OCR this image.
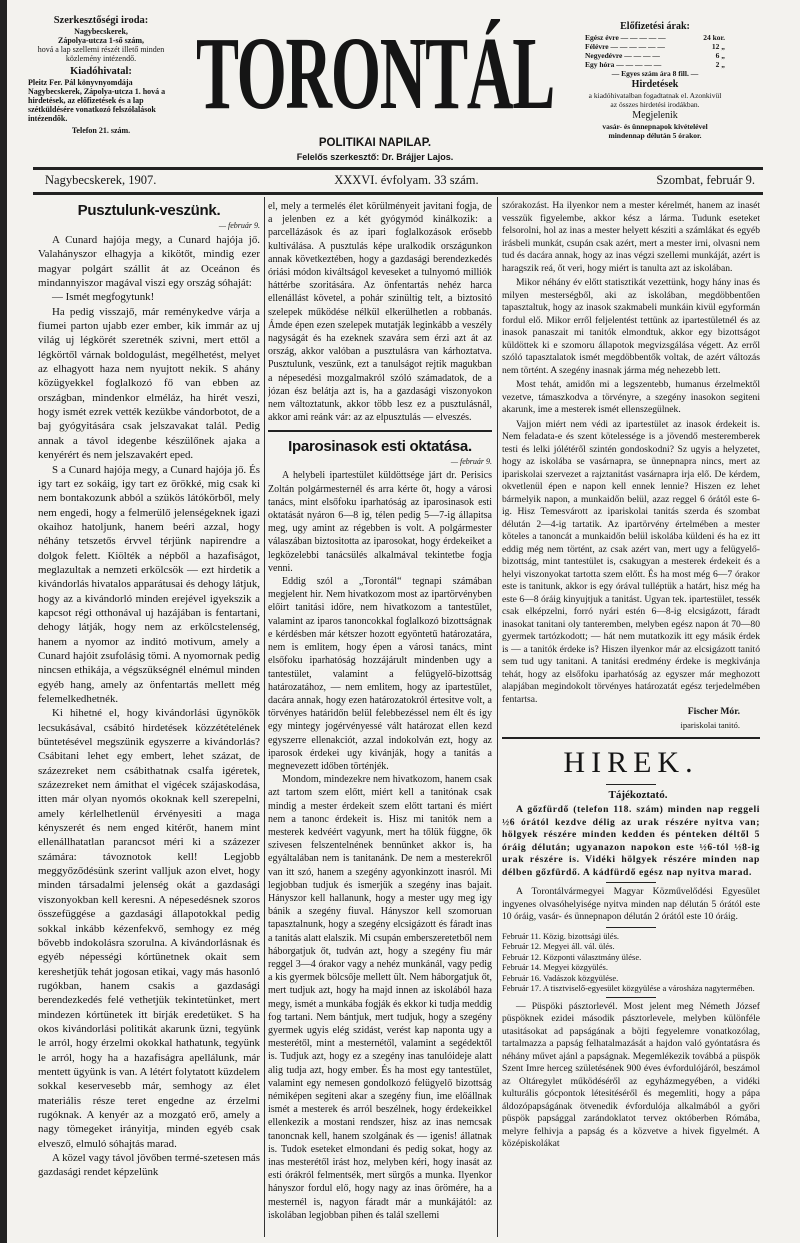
Szerkesztőségi iroda:
Nagybecskerek,
Zápolya-utcza 1-ső szám,
hová a lap szellemi részét illető minden közlemény intézendő.
Kiadóhivatal:
Pleitz Fer. Pál könyvnyomdája Nagybecskerek, Zápolya-utcza 1. hová a hirdetések, az előfizetések és a lap szétküldésére vonatkozó felszólalások intézendők.
Telefon 21. szám. TORONTÁL
POLITIKAI NAPILAP.
Felelős szerkesztő: Dr. Brájjer Lajos.
Előfizetési árak:
Egész évre — — — — —	24 kor.
Félévre — — — — — —	12 „
Negyedévre — — — —	6 „
Egy hóra — — — — —	2 „
— Egyes szám ára 8 fill. —
Hirdetések
a kiadóhivatalban fogadtatnak el. Azonkivül az összes hirdetési irodákban.
Megjelenik
vasár- és ünnepnapok kivételével mindennap délután 5 órakor.
Nagybecskerek, 1907.	XXXVI. évfolyam. 33 szám.	Szombat, február 9.
Pusztulunk-veszünk.

— február 9.

A Cunard hajója megy, a Cunard hajója jő. Valahányszor elhagyja a kikötőt, mindig ezer magyar polgárt szállit át az Oceánon és mindannyiszor magával viszi egy ország sóhaját:

— Ismét megfogytunk!

Ha pedig visszajő, már reménykedve várja a fiumei parton ujabb ezer ember, kik immár az uj világ uj légkörét szeretnék szivni, mert ettől a légkörtől várnak boldogulást, megélhetést, melyet az elhagyott haza nem nyujtott nekik. S ahány közügyekkel foglalkozó fő van ebben az országban, mindenkor elméláz, ha hirét veszi, hogy ismét ezrek vették kezükbe vándorbotot, de a baj gyógyitására csak jelszavakat talál. Pedig annak a távol idegenbe készülőnek ajaka a kenyérért és nem jelszavakért eped.

S a Cunard hajója megy, a Cunard hajója jő. És igy tart ez sokáig, igy tart ez örökké, mig csak ki nem bontakozunk abból a szükös látókörből, mely nem engedi, hogy a felmerülő jelenségeknek igazi okaihoz hatoljunk, hanem beéri azzal, hogy néhány tetszetős érvvel térjünk napirendre a dolgok felett. Kiölték a népből a hazafiságot, meglazultak a nemzeti erkölcsök — ezt hirdetik a kivándorlás hivatalos apparátusai és dehogy látjuk, hogy az a kivándorló minden erejével igyekszik a kapcsot régi otthonával uj hazájában is fentartani, dehogy látják, hogy nem az erkölcstelenség, hanem a nyomor az inditó motivum, amely a Cunard hajóit zsufolásig tömi. A nyomornak pedig nincsen ethikája, a végszükségnél elnémul minden egyéb hang, amely az önfentartás mellett még felemelkedhetnék.

Ki hihetné el, hogy kivándorlási ügynökök lecsukásával, csábitó hirdetések közzétételének büntetésével megszünik egyszerre a kivándorlás? Csábitani lehet egy embert, lehet százat, de százezreket nem csábithatnak csalfa igéretek, százezreket nem ámithat el vigécek szájaskodása, itten már olyan nyomós okoknak kell szerepelni, amely kérlelhetlenül érvényesiti a maga kényszerét és nem enged kitérőt, hanem mint ellenállhatatlan parancsot méri ki a százezer számára: távoznotok kell! Legjobb meggyőződésünk szerint valljuk azon elvet, hogy minden társadalmi jelenség okát a gazdasági viszonyokban kell keresni. A népesedésnek szoros összefüggése a gazdasági állapotokkal pedig sokkal inkább kézenfekvő, semhogy ez még bővebb indokolásra szorulna. A kivándorlásnak és egyéb népességi kórtünetnek okait sem kereshetjük tehát jogosan etikai, vagy más hasonló rugókban, hanem csakis a gazdasági berendezkedés felé vethetjük tekintetünket, mert mindezen kórtünetek itt birják eredetüket. S ha okos kivándorlási politikát akarunk üzni, tegyünk le arról, hogy érzelmi okokkal hathatunk, tegyünk le arról, hogy ha a hazafiságra apellálunk, már mentett ügyünk is van. A létért folytatott küzdelem sokkal keservesebb már, semhogy az élet materiális része teret engedne az érzelmi rugóknak. A kenyér az a mozgató erő, amely a nagy tömegeket irányitja, minden egyéb csak elvesző, elmuló sóhajtás marad.

A közel vagy távol jövőben termé-szetesen más gazdasági rendet képzelünk

el, mely a termelés élet körülményeit javitani fogja, de a jelenben ez a két gyógymód kinálkozik: a parcellázások és az ipari foglalkozások erősebb kultiválása. A pusztulás képe uralkodik országunkon annak következtében, hogy a gazdasági berendezkedés óriási módon kiváltságol keveseket a tulnyomó milliók háttérbe szoritására. Az önfentartás nehéz harca ellenállást követel, a pohár szinültig telt, a biztositó szelepek működése nélkül elkerülhetlen a robbanás. Ámde épen ezen szelepek mutatják leginkább a veszély nagyságát és ha ezeknek szavára sem érzi azt át az ország, akkor valóban a pusztulásra van kárhoztatva. Pusztulunk, veszünk, ezt a tanulságot rejtik magukban a népesedési mozgalmakról szóló számadatok, de a józan ész belátja azt is, ha a gazdasági viszonyokon nem változtatunk, akkor több lesz ez a pusztulásnál, akkor ami reánk vár: az az elpusztulás — elveszés.

Iparosinasok esti oktatása.

— február 9.

A helybeli ipartestület küldöttsége járt dr. Perisics Zoltán polgármesternél és arra kérte őt, hogy a városi tanács, mint elsőfoku iparhatóság az iparosinasok esti oktatását nyáron 6—8 ig, télen pedig 5—7-ig állapitsa meg, ugy amint az régebben is volt. A polgármester válaszában biztositotta az iparosokat, hogy érdekeiket a legközelebbi tanácsülés alkalmával tekintetbe fogja venni.

Eddig szól a „Torontál“ tegnapi számában megjelent hir. Nem hivatkozom most az ipartörvényben előirt tanitási időre, nem hivatkozom a tantestület, valamint az iparos tanoncokkal foglalkozó bizottságnak e kérdésben már kétszer hozott egyöntetű határozatára, nem is emlitem, hogy épen a városi tanács, mint elsőfoku iparhatóság hozzájárult mindenben ugy a tantestület, valamint a felügyelő-bizottság határozatához, — nem emlitem, hogy az ipartestület, dacára annak, hogy ezen határozatokról értesitve volt, a törvényes határidőn belül felebbezéssel nem élt és igy egy mintegy jogérvényessé vált határozat ellen kezd egyszerre ellenakciót, azzal indokolván ezt, hogy az iparosok érdekei ugy kivánják, hogy a tanitás a megnevezett időben történjék.

Mondom, mindezekre nem hivatkozom, hanem csak azt tartom szem előtt, miért kell a tanitónak csak mindig a mester érdekeit szem előtt tartani és miért nem a tanonc érdekeit is. Hisz mi tanitók nem a mesterek kedvéért vagyunk, mert ha tőlük függne, ők szivesen felszentelnének bennünket akkor is, ha egyáltalában nem is tanitanánk. De nem a mesterekről van itt szó, hanem a szegény agyonkinzott inasról. Mi legjobban tudjuk és ismerjük a szegény inas bajait. Hányszor kell hallanunk, hogy a mester ugy meg igy bánik a szegény fiuval. Hányszor kell szomoruan tapasztalnunk, hogy a szegény elcsigázott és fáradt inas a tanitás alatt elalszik. Mi csupán emberszeretetből nem háborgatjuk őt, tudván azt, hogy a szegény fiu már reggel 3—4 órakor vagy a nehéz munkánál, vagy pedig a kis gyermek bölcsője mellett ült. Nem háborgatjuk őt, mert tudjuk azt, hogy ha majd innen az iskolából haza megy, ismét a munkába fogják és ekkor ki tudja meddig fog tartani. Nem bántjuk, mert tudjuk, hogy a szegény gyermek ugyis elég szidást, verést kap naponta ugy a mesterétől, mint a mesternétől, valamint a segédektől is. Tudjuk azt, hogy ez a szegény inas tanulóideje alatt alig tudja azt, hogy ember. És ha most egy tantestület, valamint egy nemesen gondolkozó felügyelő bizottság némiképen segiteni akar a szegény fiun, ime előállnak ismét a mesterek és arról beszélnek, hogy érdekeikkel ellenkezik a mostani rendszer, hisz az inas nemcsak tanoncnak kell, hanem szolgának és — igenis! állatnak is. Tudok eseteket elmondani és pedig sokat, hogy az inas mesterétől irást hoz, melyben kéri, hogy inasát az esti órákról felmentsék, mert sürgős a munka. Ilyenkor hányszor fordul elő, hogy nagy az inas örömére, ha a mesternél is, nagyon fáradt már a munkájától: az iskolában legjobban pihen és talál szellemi

szórakozást. Ha ilyenkor nem a mester kérelmét, hanem az inasét vesszük figyelembe, akkor kész a lárma. Tudunk eseteket felsorolni, hol az inas a mester helyett késziti a számlákat és egyéb irásbeli munkát, csupán csak azért, mert a mester irni, olvasni nem tud és dacára annak, hogy az inas végzi szellemi munkáját, azért is haragszik reá, őt veri, hogy miért is tanulta azt az iskolában.

Mikor néhány év előtt statisztikát vezettünk, hogy hány inas és milyen mesterségből, aki az iskolában, megdöbbentően tapasztaltuk, hogy az inasok szakmabeli munkáin kivül egyformán fordul elő. Mikor erről feljelentést tettünk az ipartestületnél és az inasok panaszait mi tanitók elmondtuk, akkor egy bizottságot küldöttek ki e szomoru állapotok megvizsgálása végett. Az erről szóló tapasztalatok ismét megdöbbentők voltak, de azért változás nem történt. A szegény inasnak járma még nehezebb lett.

Most tehát, amidőn mi a legszentebb, humanus érzelmektől vezetve, támaszkodva a törvényre, a szegény inasokon segiteni akarunk, ime a mesterek ismét ellenszegülnek.

Vajjon miért nem védi az ipartestület az inasok érdekeit is. Nem feladata-e és szent kötelessége is a jövendő mesteremberek testi és lelki jólétéről szintén gondoskodni? Sz ugyis a helyzetet, hogy az iskolába se vasárnapra, se ünnepnapra nincs, mert az ipariskolai szervezet a rajztanitást vasárnapra irja elő. De kérdem, okvetlenül épen e napon kell ennek lennie? Hiszen ez lehet bármelyik napon, a munkaidőn belül, azaz reggel 6 órától este 6-ig. Hisz Temesvárott az ipariskolai tanitás szerda és szombat délután 2—4-ig tartatik. Az ipartörvény értelmében a mester köteles a tanoncát a munkaidőn belül iskolába küldeni és ha ez itt eddig még nem történt, az csak azért van, mert ugy a felügyelő-bizottság, mint tantestület is, csakugyan a mesterek érdekeit és a helyi viszonyokat tartotta szem előtt. És ha most még 6—7 órakor este is tanitunk, akkor is egy órával tulléptük a határt, hisz még ha este 6—8 óráig kinyujtjuk a tanitást. Ugyan tek. ipartestület, tessék csak elképzelni, forró nyári estén 6—8-ig elcsigázott, fáradt inasokat tanitani oly tanteremben, melyben egész napon át 70—80 gyermek tartózkodott; — hát nem mutatkozik itt egy másik érdek is — a tanitók érdeke is? Hiszen ilyenkor már az elcsigázott tanitó sem tud ugy tanitani. A tanitási eredmény érdeke is megkivánja tehát, hogy az elsőfoku iparhatóság az egyszer már meghozott alapjában megindokolt törvényes határozatát egész terjedelmében fentartsa.

Fischer Mór.

ipariskolai tanitó.

HIREK.

Tájékoztató.

A gőzfürdő (telefon 118. szám) minden nap reggeli ½6 órától kezdve délig az urak részére nyitva van; hölgyek részére minden kedden és pénteken déltől 5 óráig délután; ugyanazon napokon este ½6-tól ½8-ig urak részére is. Vidéki hölgyek részére minden nap délben gőzfürdő. A kádfürdő egész nap nyitva marad.

A Torontálvármegyei Magyar Közművelődési Egyesület ingyenes olvasóhelyisége nyitva minden nap délután 5 órától este 10 óráig, vasár- és ünnepnapon délután 2 órától este 10 óráig.

Február 11. Közig. bizottsági ülés.
Február 12. Megyei áll. vál. ülés.
Február 12. Központi választmány ülése.
Február 14. Megyei közgyülés.
Február 16. Vadászok közgyülése.
Február 17. A tisztviselő-egyesület közgyülése a városháza nagytermében.

— Püspöki pásztorlevél. Most jelent meg Németh József püspöknek ezidei második pásztorlevele, melyben különféle utasitásokat ad papságának a böjti fegyelemre vonatkozólag, tartalmazza a papság felhatalmazását a hajdon való gyóntatásra és néhány művet ajánl a papságnak. Megemlékezik továbbá a püspök Szent Imre herceg születésének 900 éves évfordulójáról, beszámol az Oltáregylet működéséről az egyházmegyében, a vidéki kulturális gócpontok létesitéséről és megemliti, hogy a pápa áldozópapságának ötvenedik évfordulója alkalmából a győri püspök papsággal zarándoklatot tervez októberben Rómába, melyre felhivja a papság és a közvetve a hivek figyelmét. A középiskolákat
